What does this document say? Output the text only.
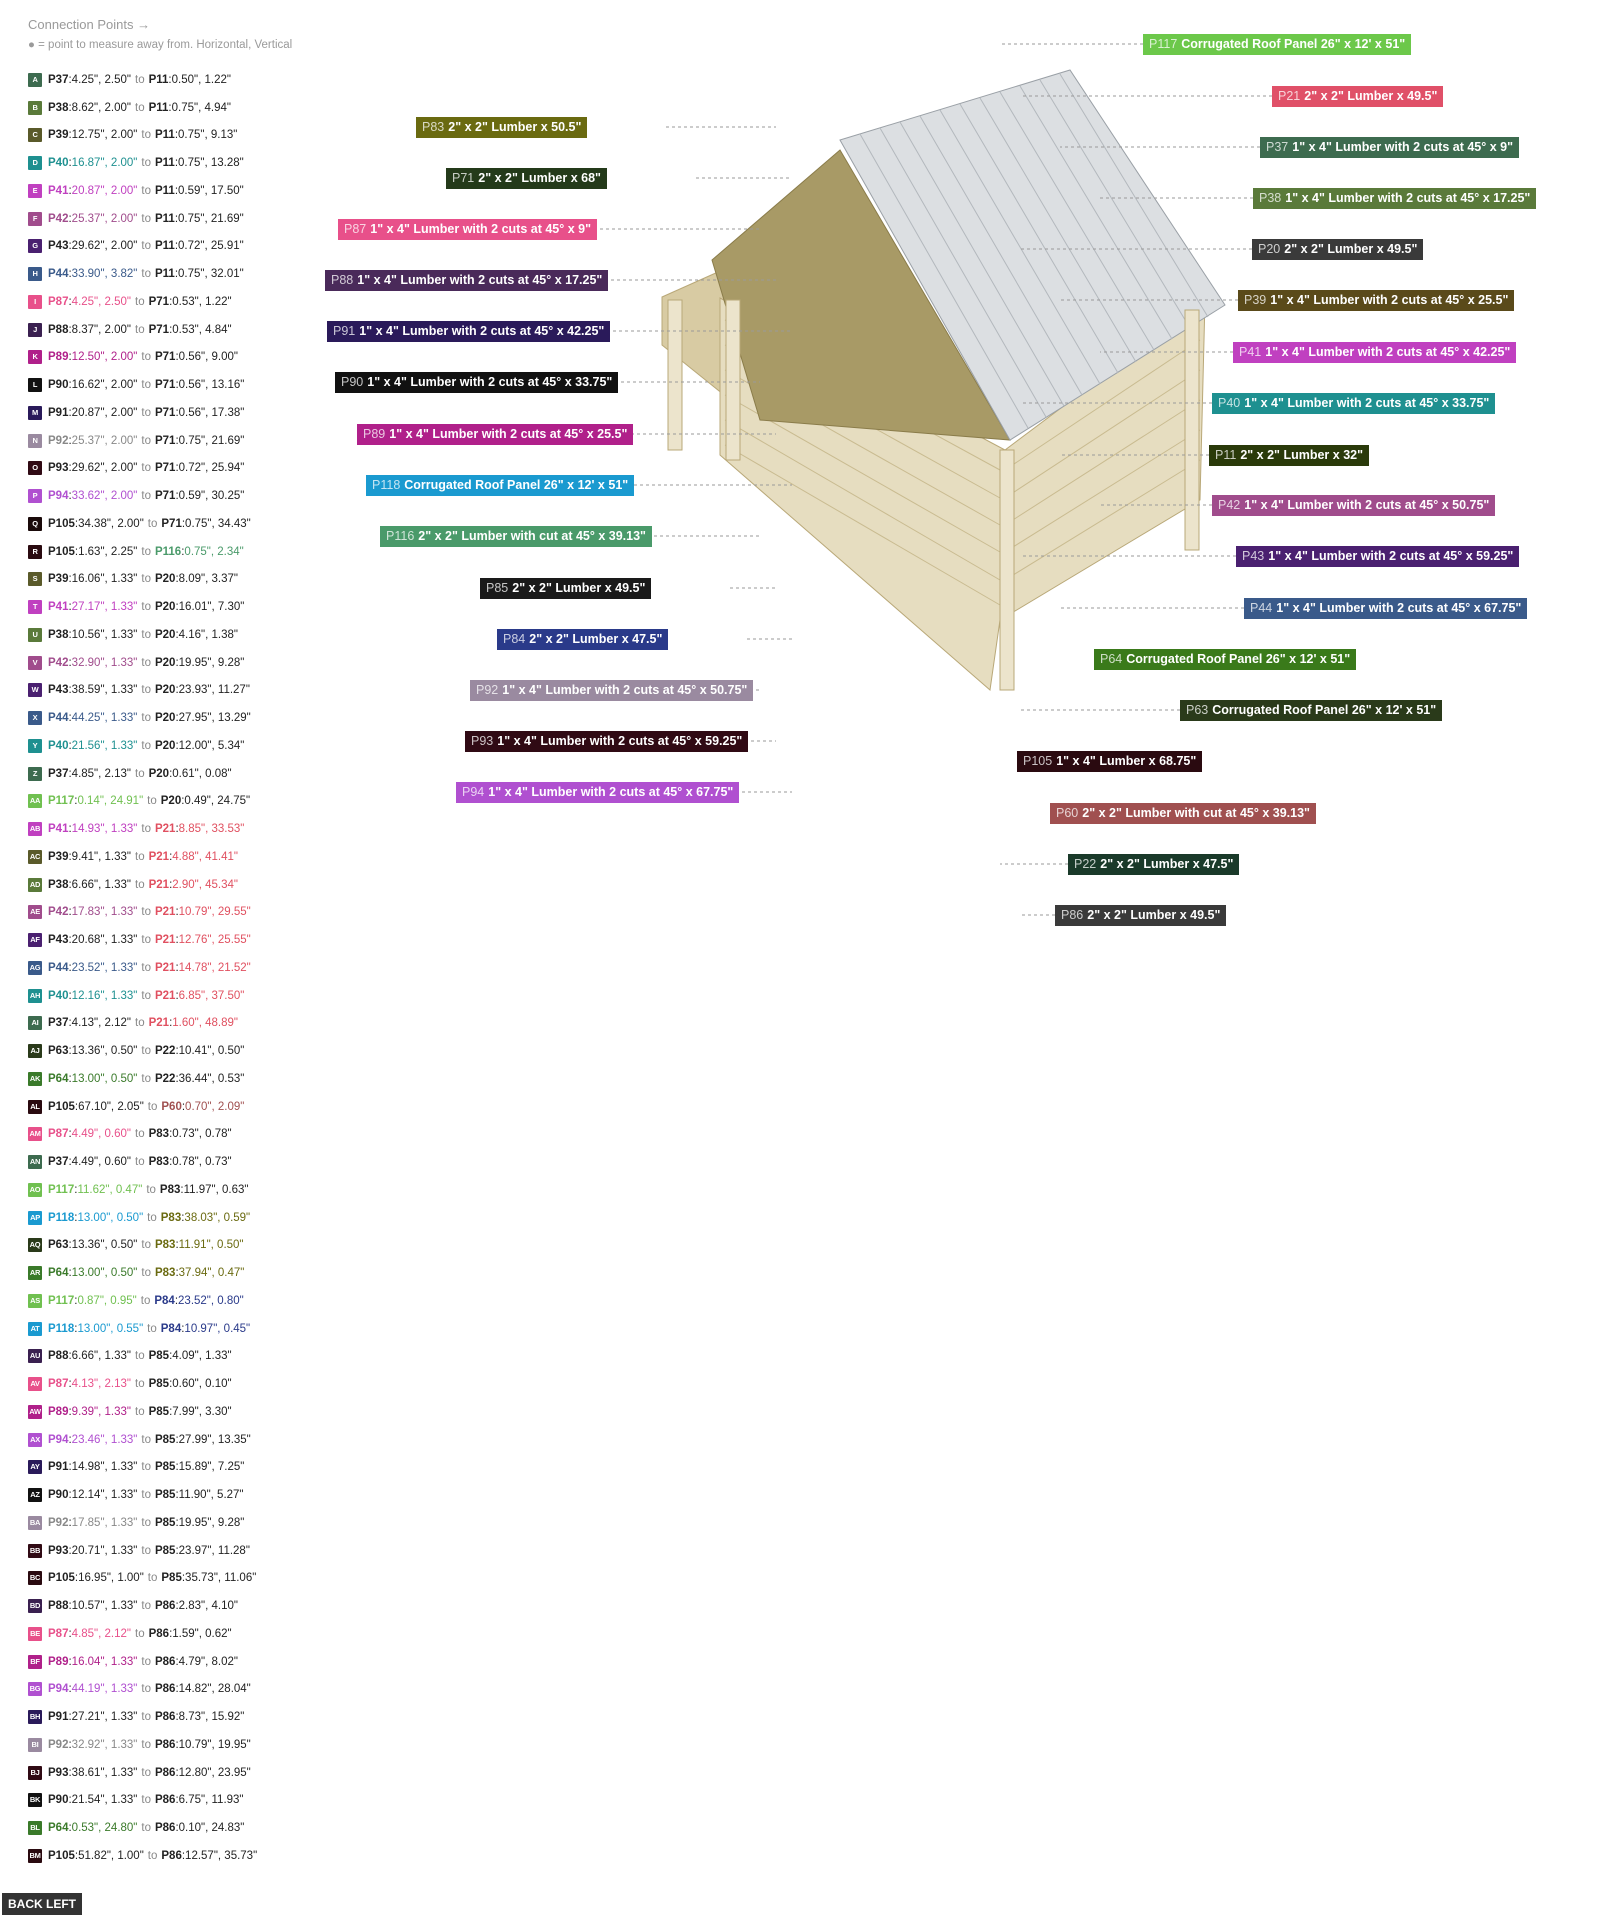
Connection Points →
● = point to measure away from. Horizontal, Vertical
A P37 : 4.25", 2.50" to P11 : 0.50", 1.22"
B P38 : 8.62", 2.00" to P11 : 0.75", 4.94"
C P39 : 12.75", 2.00" to P11 : 0.75", 9.13"
D P40 : 16.87", 2.00" to P11 : 0.75", 13.28"
E P41 : 20.87", 2.00" to P11 : 0.59", 17.50"
F P42 : 25.37", 2.00" to P11 : 0.75", 21.69"
G P43 : 29.62", 2.00" to P11 : 0.72", 25.91"
H P44 : 33.90", 3.82" to P11 : 0.75", 32.01"
I	P87 : 4.25", 2.50" to P71 : 0.53", 1.22"
J P88 : 8.37", 2.00" to P71 : 0.53", 4.84"
K P89 : 12.50", 2.00" to P71 : 0.56", 9.00"
L P90 : 16.62", 2.00" to P71 : 0.56", 13.16"
M P91 : 20.87", 2.00" to P71 : 0.56", 17.38"
N P92 : 25.37", 2.00" to P71 : 0.75", 21.69"
O P93 : 29.62", 2.00" to P71 : 0.72", 25.94"
P P94 : 33.62", 2.00" to P71 : 0.59", 30.25"
Q P105 : 34.38", 2.00" to P71 : 0.75", 34.43"
R P105 : 1.63", 2.25" to P116 : 0.75", 2.34"
S P39 : 16.06", 1.33" to P20 : 8.09", 3.37"
T P41 : 27.17", 1.33" to P20 : 16.01", 7.30"
U P38 : 10.56", 1.33" to P20 : 4.16", 1.38"
V P42 : 32.90", 1.33" to P20 : 19.95", 9.28"
W P43 : 38.59", 1.33" to P20 : 23.93", 11.27"
X P44 : 44.25", 1.33" to P20 : 27.95", 13.29"
Y P40 : 21.56", 1.33" to P20 : 12.00", 5.34"
Z P37 : 4.85", 2.13" to P20 : 0.61", 0.08"
AA P117 : 0.14", 24.91" to P20 : 0.49", 24.75"
AB P41 : 14.93", 1.33" to P21 : 8.85", 33.53"
AC P39 : 9.41", 1.33" to P21 : 4.88", 41.41"
AD P38 : 6.66", 1.33" to P21 : 2.90", 45.34"
AE P42 : 17.83", 1.33" to P21 : 10.79", 29.55"
AF P43 : 20.68", 1.33" to P21 : 12.76", 25.55"
AG P44 : 23.52", 1.33" to P21 : 14.78", 21.52"
AH P40 : 12.16", 1.33" to P21 : 6.85", 37.50"
AI P37 : 4.13", 2.12" to P21 : 1.60", 48.89"
AJ P63 : 13.36", 0.50" to P22 : 10.41", 0.50"
AK P64 : 13.00", 0.50" to P22 : 36.44", 0.53"
AL P105 : 67.10", 2.05" to P60 : 0.70", 2.09"
AM P87 : 4.49", 0.60" to P83 : 0.73", 0.78"
AN P37 : 4.49", 0.60" to P83 : 0.78", 0.73"
AO P117 : 11.62", 0.47" to P83 : 11.97", 0.63"
AP P118 : 13.00", 0.50" to P83 : 38.03", 0.59"
AQ P63 : 13.36", 0.50" to P83 : 11.91", 0.50"
AR P64 : 13.00", 0.50" to P83 : 37.94", 0.47"
AS P117 : 0.87", 0.95" to P84 : 23.52", 0.80"
AT P118 : 13.00", 0.55" to P84 : 10.97", 0.45"
AU P88 : 6.66", 1.33" to P85 : 4.09", 1.33"
AV P87 : 4.13", 2.13" to P85 : 0.60", 0.10"
AW P89 : 9.39", 1.33" to P85 : 7.99", 3.30"
AX P94 : 23.46", 1.33" to P85 : 27.99", 13.35"
AY P91 : 14.98", 1.33" to P85 : 15.89", 7.25"
AZ P90 : 12.14", 1.33" to P85 : 11.90", 5.27"
BA P92 : 17.85", 1.33" to P85 : 19.95", 9.28"
BB P93 : 20.71", 1.33" to P85 : 23.97", 11.28"
BC P105 : 16.95", 1.00" to P85 : 35.73", 11.06"
BD P88 : 10.57", 1.33" to P86 : 2.83", 4.10"
BE P87 : 4.85", 2.12" to P86 : 1.59", 0.62"
BF P89 : 16.04", 1.33" to P86 : 4.79", 8.02"
BG P94 : 44.19", 1.33" to P86 : 14.82", 28.04"
BH P91 : 27.21", 1.33" to P86 : 8.73", 15.92"
BI P92 : 32.92", 1.33" to P86 : 10.79", 19.95"
BJ P93 : 38.61", 1.33" to P86 : 12.80", 23.95"
BK P90 : 21.54", 1.33" to P86 : 6.75", 11.93"
BL P64 : 0.53", 24.80" to P86 : 0.10", 24.83"
BM P105 : 51.82", 1.00" to P86 : 12.57", 35.73"
P117 Corrugated Roof Panel 26" x 12' x 51"
P21 2" x 2" Lumber x 49.5"
P83 2" x 2" Lumber x 50.5"
P37 1" x 4" Lumber with 2 cuts at 45° x 9"
P71 2" x 2" Lumber x 68"
P38 1" x 4" Lumber with 2 cuts at 45° x 17.25"
P87 1" x 4" Lumber with 2 cuts at 45° x 9"
P20 2" x 2" Lumber x 49.5"
P88 1" x 4" Lumber with 2 cuts at 45° x 17.25"
P39 1" x 4" Lumber with 2 cuts at 45° x 25.5"
P91 1" x 4" Lumber with 2 cuts at 45° x 42.25"
P41 1" x 4" Lumber with 2 cuts at 45° x 42.25"
P90 1" x 4" Lumber with 2 cuts at 45° x 33.75"
P40 1" x 4" Lumber with 2 cuts at 45° x 33.75"
P89 1" x 4" Lumber with 2 cuts at 45° x 25.5"
P11 2" x 2" Lumber x 32"
P118 Corrugated Roof Panel 26" x 12' x 51"
P42 1" x 4" Lumber with 2 cuts at 45° x 50.75"
P116 2" x 2" Lumber with cut at 45° x 39.13"
P43 1" x 4" Lumber with 2 cuts at 45° x 59.25"
P85 2" x 2" Lumber x 49.5"
P44 1" x 4" Lumber with 2 cuts at 45° x 67.75"
P84 2" x 2" Lumber x 47.5"
P64 Corrugated Roof Panel 26" x 12' x 51"
P92 1" x 4" Lumber with 2 cuts at 45° x 50.75"
P63 Corrugated Roof Panel 26" x 12' x 51"
P93 1" x 4" Lumber with 2 cuts at 45° x 59.25"
P105 1" x 4" Lumber x 68.75"
P94 1" x 4" Lumber with 2 cuts at 45° x 67.75"
P60 2" x 2" Lumber with cut at 45° x 39.13"
P22 2" x 2" Lumber x 47.5"
P86 2" x 2" Lumber x 49.5"
BACK LEFT
